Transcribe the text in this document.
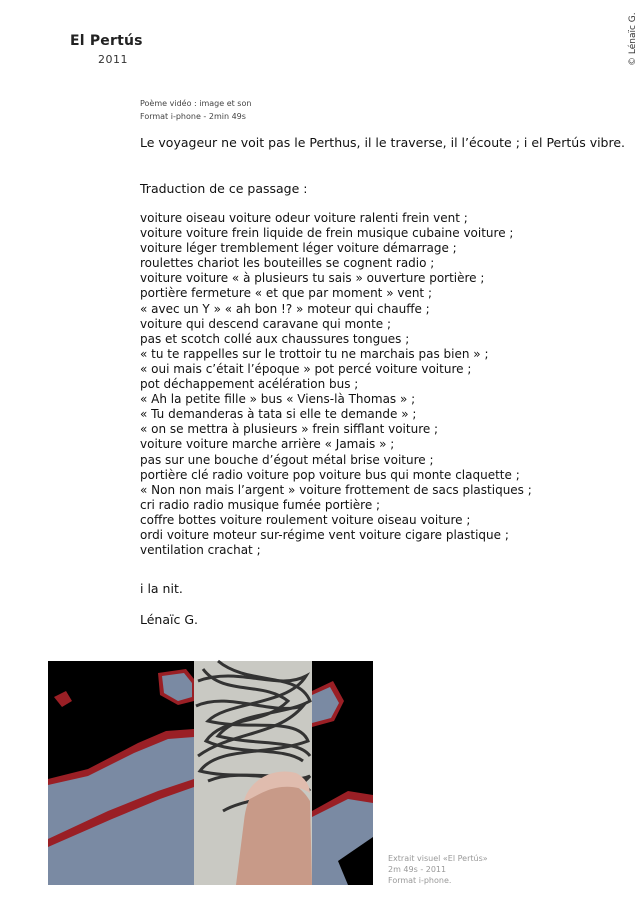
© Lénaïc G.
El Pertús
2011
Poème vidéo : image et son
Format i-phone - 2min 49s
Le voyageur ne voit pas le Perthus, il le traverse, il l’écoute ; i el Pertús vibre.
Traduction de ce passage :
voiture oiseau voiture odeur voiture ralenti frein vent ;
voiture voiture frein liquide de frein musique cubaine voiture ;
voiture léger tremblement léger voiture démarrage ;
roulettes chariot les bouteilles se cognent radio ;
voiture voiture « à plusieurs tu sais » ouverture portière ;
portière fermeture « et que par moment » vent ;
« avec un Y » « ah bon !? » moteur qui chauffe ;
voiture qui descend caravane qui monte ;
pas et scotch collé aux chaussures tongues ;
« tu te rappelles sur le trottoir tu ne marchais pas bien » ;
« oui mais c’était l’époque » pot percé voiture voiture ;
pot déchappement acélération bus ;
« Ah la petite fille » bus « Viens-là Thomas » ;
« Tu demanderas à tata si elle te demande » ;
« on se mettra à plusieurs » frein sifflant voiture ;
voiture voiture marche arrière « Jamais » ;
pas sur une bouche d’égout métal brise voiture ;
portière clé radio voiture pop voiture bus qui monte claquette ;
« Non non mais l’argent » voiture frottement de sacs plastiques ;
cri radio radio musique fumée portière ;
coffre bottes voiture roulement voiture oiseau voiture ;
ordi voiture moteur sur-régime vent voiture cigare plastique ;
ventilation crachat ;
i la nit.
Lénaïc G.
Extrait visuel «El Pertús»
2m 49s - 2011
Format i-phone.
